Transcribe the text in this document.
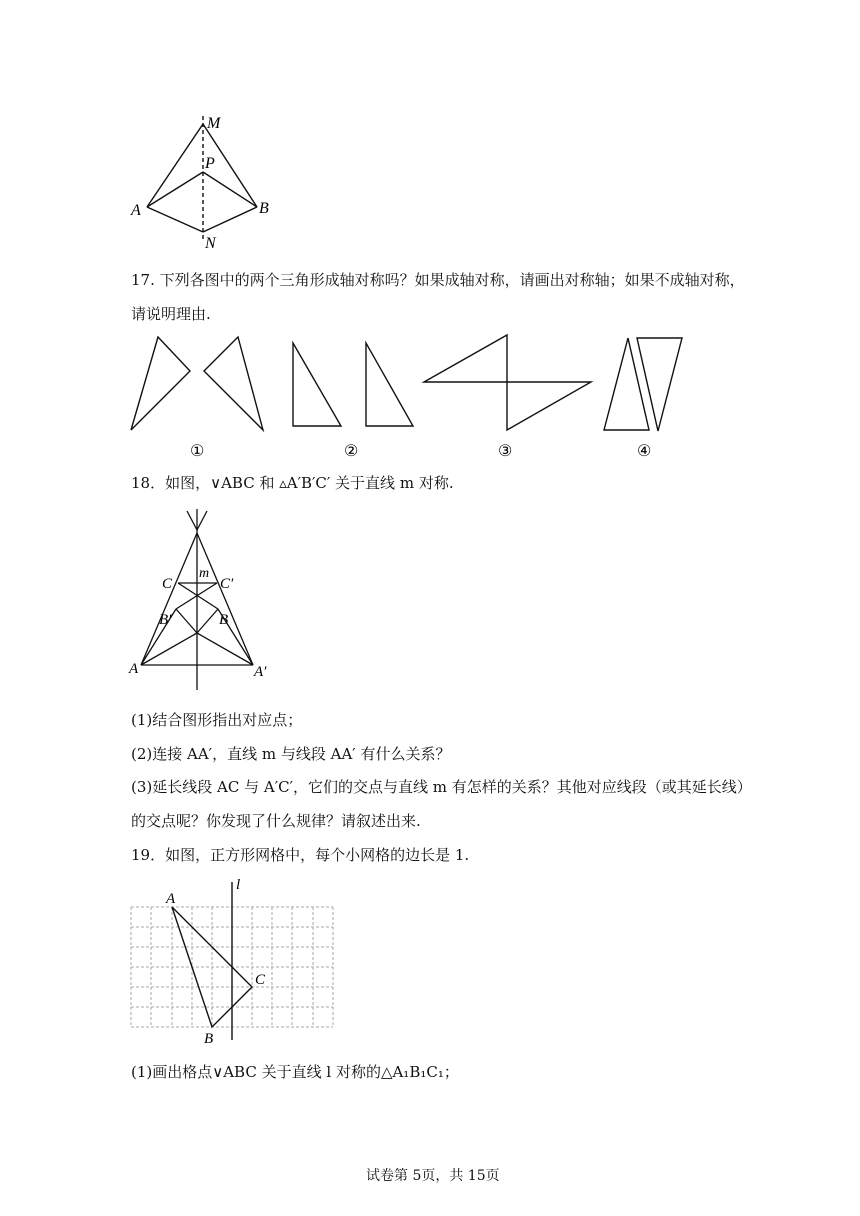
M
P
A	B
N
17. 下列各图中的两个三角形成轴对称吗？如果成轴对称，请画出对称轴；如果不成轴对称，
请说明理由.
①	②	③	④
18．如图，∨ABC 和 ▵A′B′C′ 关于直线 m 对称.
C
m
C′
B′	B
A	A′
(1)结合图形指出对应点；
(2)连接 AA′，直线 m 与线段 AA′ 有什么关系？
(3)延长线段 AC 与 A′C′，它们的交点与直线 m 有怎样的关系？其他对应线段（或其延长线）
的交点呢？你发现了什么规律？请叙述出来.
19．如图，正方形网格中，每个小网格的边长是 1.
l
A
C
B
(1)画出格点∨ABC 关于直线 l 对称的△A₁B₁C₁；
试卷第 5页，共 15页
